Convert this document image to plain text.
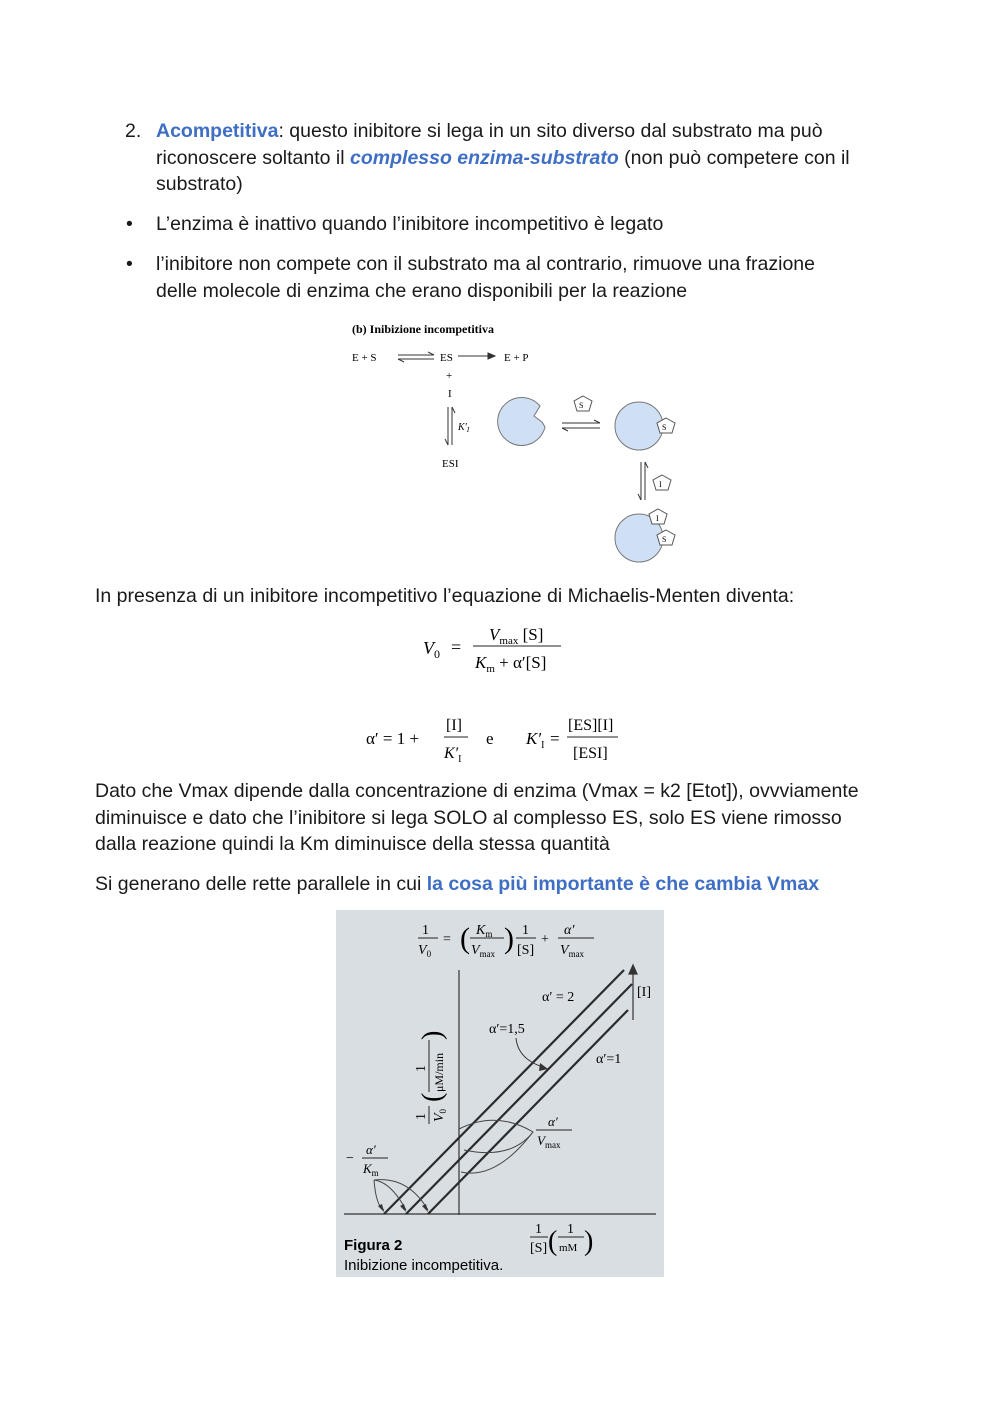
2. Acompetitiva: questo inibitore si lega in un sito diverso dal substrato ma può
riconoscere soltanto il complesso enzima-substrato (non può competere con il
substrato)
• L’enzima è inattivo quando l’inibitore incompetitivo è legato
• l’inibitore non compete con il substrato ma al contrario, rimuove una frazione
delle molecole di enzima che erano disponibili per la reazione
(b) Inibizione incompetitiva
E + S	ES	E + P
+
I
$K'_I$
ESI
S
S
I
I
S
In presenza di un inibitore incompetitivo l’equazione di Michaelis-Menten diventa:
$V_0$ =
$V_{max}$ [S]
$K_m + \alpha'[S]$
α′ = 1 +
[I]
$K'_I$
e $K'_I$ =
[ES][I]
[ESI]
Dato che Vmax dipende dalla concentrazione di enzima (Vmax = k2 [Etot]), ovvviamente
diminuisce e dato che l’inibitore si lega SOLO al complesso ES, solo ES viene rimosso
dalla reazione quindi la Km diminuisce della stessa quantità
Si generano delle rette parallele in cui la cosa più importante è che cambia Vmax
1
$V_0$
= ( $K_m$
$V_{max}$ ) 1
[S]
+
α′
$V_{max}$
[I]
α′ = 2
α′=1,5
α′=1
α′
$V_{max}$
1 $V_0$
(
1 μM/min
)
−
α′
$K_m$
1
[S] ( 1
mM )
Figura 2
Inibizione incompetitiva.
